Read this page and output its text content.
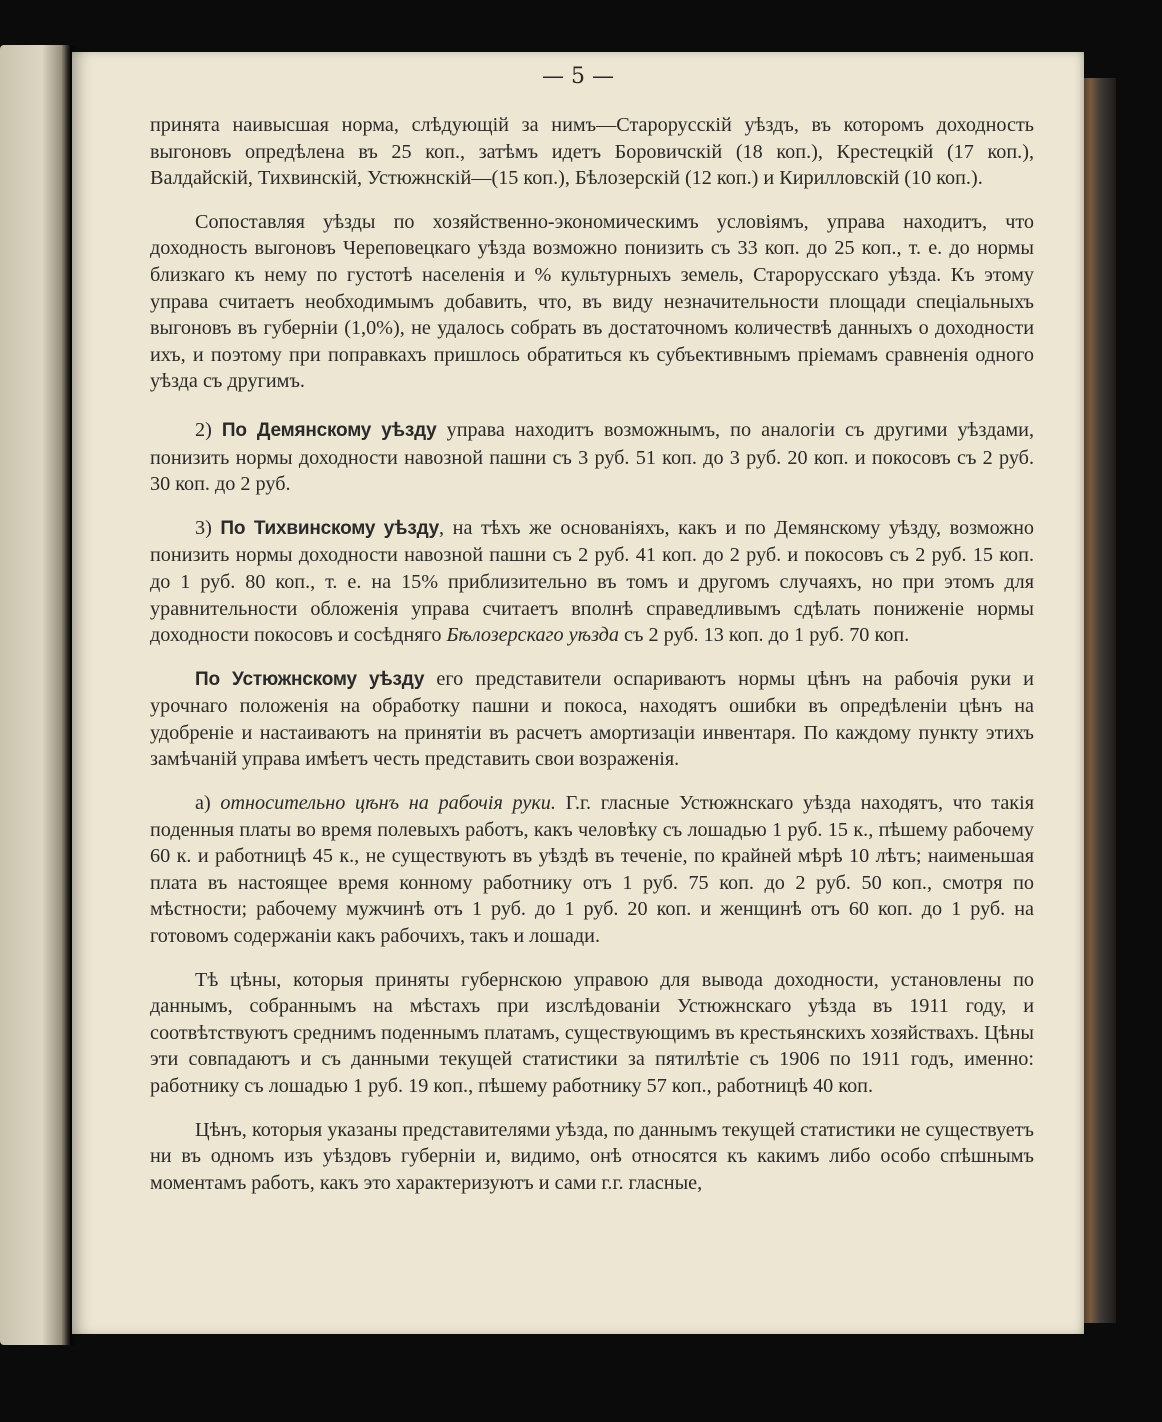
— 5 —

принята наивысшая норма, слѣдующій за нимъ—Старорусскій уѣздъ, въ которомъ доходность выгоновъ опредѣлена въ 25 коп., затѣмъ идетъ Боровичскій (18 коп.), Крестецкій (17 коп.), Валдайскій, Тихвинскій, Устюжнскій—(15 коп.), Бѣлозерскій (12 коп.) и Кирилловскій (10 коп.).

Сопоставляя уѣзды по хозяйственно-экономическимъ условіямъ, управа находитъ, что доходность выгоновъ Череповецкаго уѣзда возможно понизить съ 33 коп. до 25 коп., т. е. до нормы близкаго къ нему по густотѣ населенія и % культурныхъ земель, Старорусскаго уѣзда. Къ этому управа считаетъ необходимымъ добавить, что, въ виду незначительности площади спеціальныхъ выгоновъ въ губерніи (1,0%), не удалось собрать въ достаточномъ количествѣ данныхъ о доходности ихъ, и поэтому при поправкахъ пришлось обратиться къ субъективнымъ пріемамъ сравненія одного уѣзда съ другимъ.

2) По Демянскому уѣзду управа находитъ возможнымъ, по аналогіи съ другими уѣздами, понизить нормы доходности навозной пашни съ 3 руб. 51 коп. до 3 руб. 20 коп. и покосовъ съ 2 руб. 30 коп. до 2 руб.

3) По Тихвинскому уѣзду, на тѣхъ же основаніяхъ, какъ и по Демянскому уѣзду, возможно понизить нормы доходности навозной пашни съ 2 руб. 41 коп. до 2 руб. и покосовъ съ 2 руб. 15 коп. до 1 руб. 80 коп., т. е. на 15% приблизительно въ томъ и другомъ случаяхъ, но при этомъ для уравнительности обложенія управа считаетъ вполнѣ справедливымъ сдѣлать пониженіе нормы доходности покосовъ и сосѣдняго Бѣлозерскаго уѣзда съ 2 руб. 13 коп. до 1 руб. 70 коп.

По Устюжнскому уѣзду его представители оспариваютъ нормы цѣнъ на рабочія руки и урочнаго положенія на обработку пашни и покоса, находятъ ошибки въ опредѣленіи цѣнъ на удобреніе и настаиваютъ на принятіи въ расчетъ амортизаціи инвентаря. По каждому пункту этихъ замѣчаній управа имѣетъ честь представить свои возраженія.

а) относительно цѣнъ на рабочія руки. Г.г. гласные Устюжнскаго уѣзда находятъ, что такія поденныя платы во время полевыхъ работъ, какъ человѣку съ лошадью 1 руб. 15 к., пѣшему рабочему 60 к. и работницѣ 45 к., не существуютъ въ уѣздѣ въ теченіе, по крайней мѣрѣ 10 лѣтъ; наименьшая плата въ настоящее время конному работнику отъ 1 руб. 75 коп. до 2 руб. 50 коп., смотря по мѣстности; рабочему мужчинѣ отъ 1 руб. до 1 руб. 20 коп. и женщинѣ отъ 60 коп. до 1 руб. на готовомъ содержаніи какъ рабочихъ, такъ и лошади.

Тѣ цѣны, которыя приняты губернскою управою для вывода доходности, установлены по даннымъ, собраннымъ на мѣстахъ при изслѣдованіи Устюжнскаго уѣзда въ 1911 году, и соотвѣтствуютъ среднимъ поденнымъ платамъ, существующимъ въ крестьянскихъ хозяйствахъ. Цѣны эти совпадаютъ и съ данными текущей статистики за пятилѣтіе съ 1906 по 1911 годъ, именно: работнику съ лошадью 1 руб. 19 коп., пѣшему работнику 57 коп., работницѣ 40 коп.

Цѣнъ, которыя указаны представителями уѣзда, по даннымъ текущей статистики не существуетъ ни въ одномъ изъ уѣздовъ губерніи и, видимо, онѣ относятся къ какимъ либо особо спѣшнымъ моментамъ работъ, какъ это характеризуютъ и сами г.г. гласные,
